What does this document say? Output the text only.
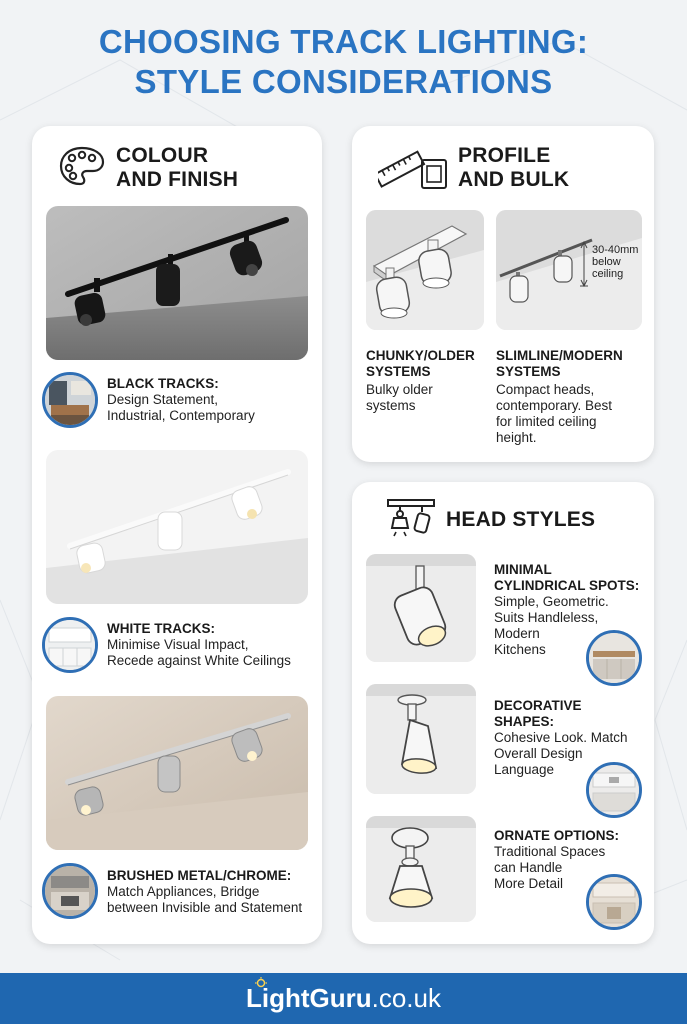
CHOOSING TRACK LIGHTING:
STYLE CONSIDERATIONS
COLOUR
AND FINISH
BLACK TRACKS:
Design Statement,
Industrial, Contemporary
WHITE TRACKS:
Minimise Visual Impact,
Recede against White Ceilings
BRUSHED METAL/CHROME:
Match Appliances, Bridge
between Invisible and Statement
PROFILE
AND BULK
30-40mm
below
ceiling
CHUNKY/OLDER
SYSTEMS
Bulky older
systems
SLIMLINE/MODERN
SYSTEMS
Compact heads,
contemporary. Best
for limited ceiling
height.
HEAD STYLES
MINIMAL
CYLINDRICAL SPOTS:
Simple, Geometric.
Suits Handleless,
Modern
Kitchens
DECORATIVE
SHAPES:
Cohesive Look. Match
Overall Design
Language
ORNATE OPTIONS:
Traditional Spaces
can Handle
More Detail
LightGuru .co.uk
